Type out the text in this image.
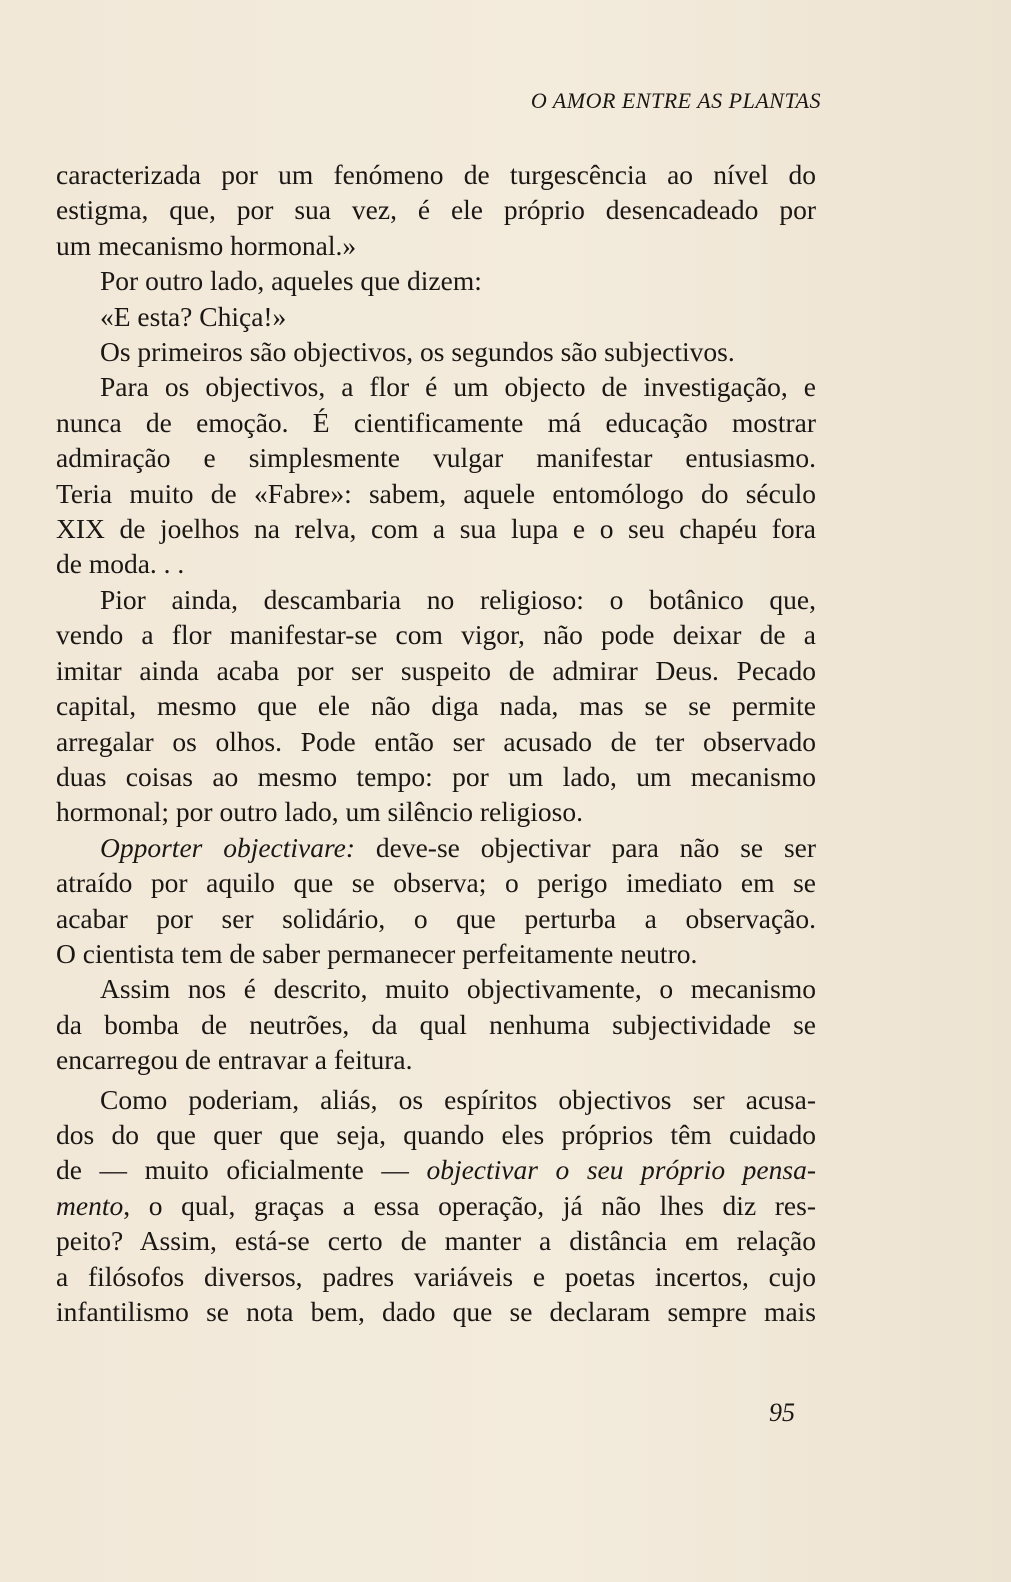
O AMOR ENTRE AS PLANTAS
caracterizada por um fenómeno de turgescência ao nível do
estigma, que, por sua vez, é ele próprio desencadeado por
um mecanismo hormonal.»
Por outro lado, aqueles que dizem:
«E esta? Chiça!»
Os primeiros são objectivos, os segundos são subjectivos.
Para os objectivos, a flor é um objecto de investigação, e
nunca de emoção. É cientificamente má educação mostrar
admiração e simplesmente vulgar manifestar entusiasmo.
Teria muito de «Fabre»: sabem, aquele entomólogo do século
XIX de joelhos na relva, com a sua lupa e o seu chapéu fora
de moda. . .
Pior ainda, descambaria no religioso: o botânico que,
vendo a flor manifestar-se com vigor, não pode deixar de a
imitar ainda acaba por ser suspeito de admirar Deus. Pecado
capital, mesmo que ele não diga nada, mas se se permite
arregalar os olhos. Pode então ser acusado de ter observado
duas coisas ao mesmo tempo: por um lado, um mecanismo
hormonal; por outro lado, um silêncio religioso.
Opporter objectivare: deve-se objectivar para não se ser
atraído por aquilo que se observa; o perigo imediato em se
acabar por ser solidário, o que perturba a observação.
O cientista tem de saber permanecer perfeitamente neutro.
Assim nos é descrito, muito objectivamente, o mecanismo
da bomba de neutrões, da qual nenhuma subjectividade se
encarregou de entravar a feitura.
Como poderiam, aliás, os espíritos objectivos ser acusa-
dos do que quer que seja, quando eles próprios têm cuidado
de — muito oficialmente — objectivar o seu próprio pensa-
mento, o qual, graças a essa operação, já não lhes diz res-
peito? Assim, está-se certo de manter a distância em relação
a filósofos diversos, padres variáveis e poetas incertos, cujo
infantilismo se nota bem, dado que se declaram sempre mais
95
